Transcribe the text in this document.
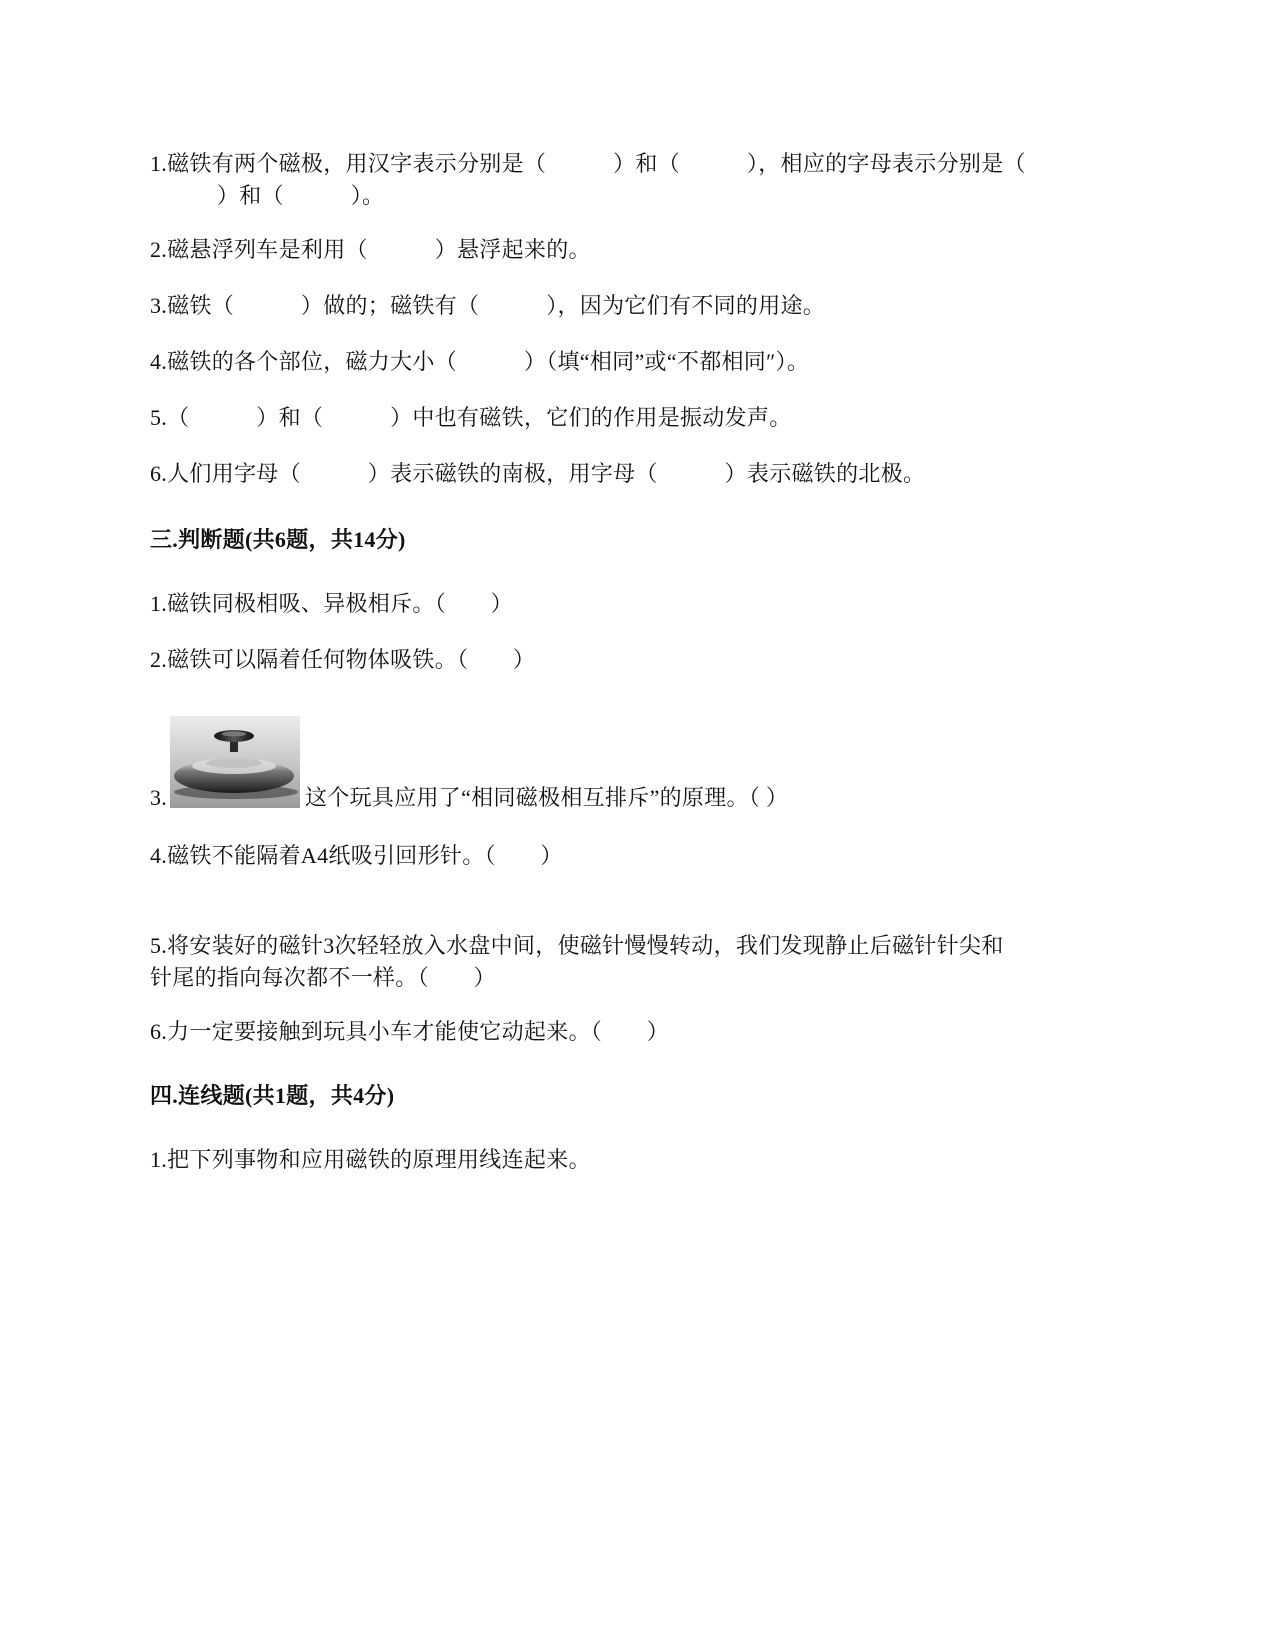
1.磁铁有两个磁极，用汉字表示分别是（　　　）和（　　　），相应的字母表示分别是（
　　　）和（　　　）。
2.磁悬浮列车是利用（　　　）悬浮起来的。
3.磁铁（　　　）做的；磁铁有（　　　），因为它们有不同的用途。
4.磁铁的各个部位，磁力大小（　　　）（填“相同”或“不都相同″）。
5.（　　　）和（　　　）中也有磁铁，它们的作用是振动发声。
6.人们用字母（　　　）表示磁铁的南极，用字母（　　　）表示磁铁的北极。
三.判断题(共6题，共14分)
1.磁铁同极相吸、异极相斥。（　　）
2.磁铁可以隔着任何物体吸铁。（　　）
3.	这个玩具应用了“相同磁极相互排斥”的原理。（ ）
4.磁铁不能隔着A4纸吸引回形针。（　　）
5.将安装好的磁针3次轻轻放入水盘中间，使磁针慢慢转动，我们发现静止后磁针针尖和
针尾的指向每次都不一样。（　　）
6.力一定要接触到玩具小车才能使它动起来。（　　）
四.连线题(共1题，共4分)
1.把下列事物和应用磁铁的原理用线连起来。
